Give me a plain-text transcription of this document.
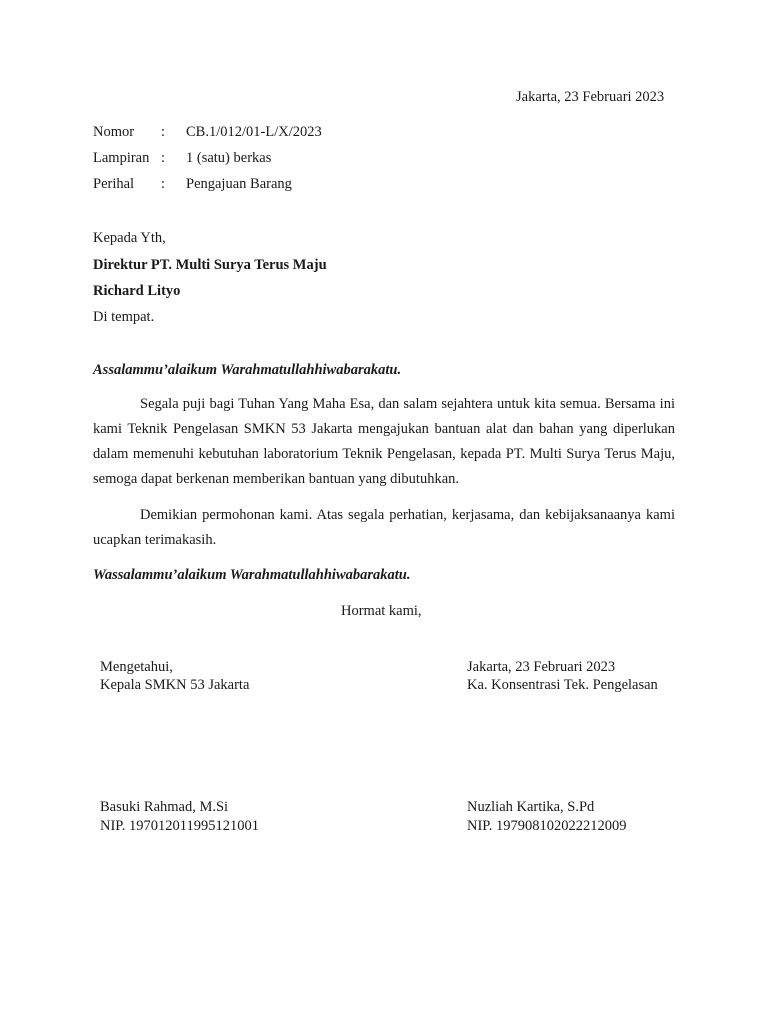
Jakarta, 23 Februari 2023
Nomor : CB.1/012/01-L/X/2023
Lampiran : 1 (satu) berkas
Perihal : Pengajuan Barang
Kepada Yth,
Direktur PT. Multi Surya Terus Maju
Richard Lityo
Di tempat.
Assalammu’alaikum Warahmatullahhiwabarakatu.

Segala puji bagi Tuhan Yang Maha Esa, dan salam sejahtera untuk kita semua. Bersama ini kami Teknik Pengelasan SMKN 53 Jakarta mengajukan bantuan alat dan bahan yang diperlukan dalam memenuhi kebutuhan laboratorium Teknik Pengelasan, kepada PT. Multi Surya Terus Maju, semoga dapat berkenan memberikan bantuan yang dibutuhkan.

Demikian permohonan kami. Atas segala perhatian, kerjasama, dan kebijaksanaanya kami ucapkan terimakasih.

Wassalammu’alaikum Warahmatullahhiwabarakatu.
Hormat kami,
Mengetahui,
Kepala SMKN 53 Jakarta
Basuki Rahmad, M.Si
NIP. 197012011995121001
Jakarta, 23 Februari 2023
Ka. Konsentrasi Tek. Pengelasan
Nuzliah Kartika, S.Pd
NIP. 197908102022212009
